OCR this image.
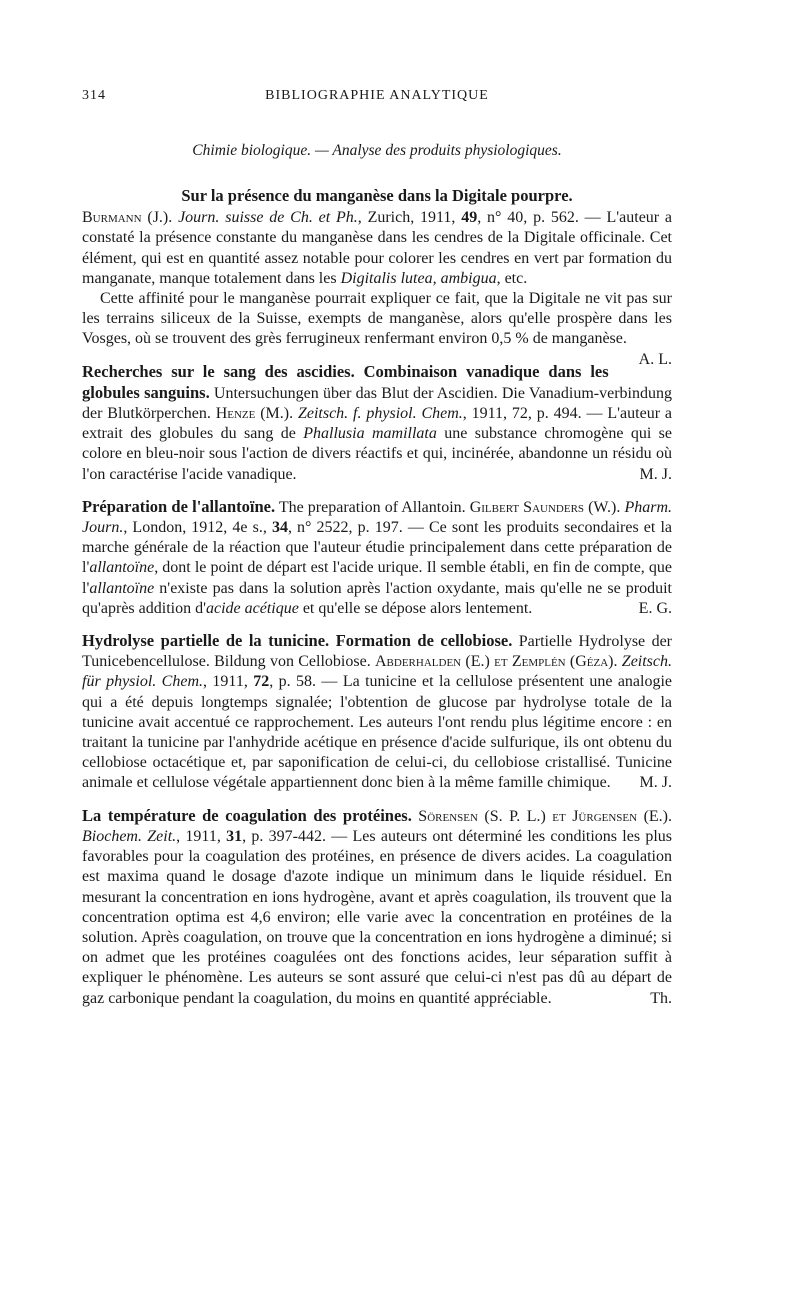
314	BIBLIOGRAPHIE ANALYTIQUE
Chimie biologique. — Analyse des produits physiologiques.

Sur la présence du manganèse dans la Digitale pourpre.
Burmann (J.). Journ. suisse de Ch. et Ph., Zurich, 1911, 49, n° 40, p. 562. — L'auteur a constaté la présence constante du manganèse dans les cendres de la Digitale officinale. Cet élément, qui est en quantité assez notable pour colorer les cendres en vert par formation du manganate, manque totalement dans les Digitalis lutea, ambigua, etc.

Cette affinité pour le manganèse pourrait expliquer ce fait, que la Digitale ne vit pas sur les terrains siliceux de la Suisse, exempts de manganèse, alors qu'elle prospère dans les Vosges, où se trouvent des grès ferrugineux renfermant environ 0,5 % de manganèse.
A. L.

Recherches sur le sang des ascidies. Combinaison vanadique dans les globules sanguins. Untersuchungen über das Blut der Ascidien. Die Vanadium-verbindung der Blutkörperchen. Henze (M.). Zeitsch. f. physiol. Chem., 1911, 72, p. 494. — L'auteur a extrait des globules du sang de Phallusia mamillata une substance chromogène qui se colore en bleu-noir sous l'action de divers réactifs et qui, incinérée, abandonne un résidu où l'on caractérise l'acide vanadique.	M. J.

Préparation de l'allantoïne. The preparation of Allantoin. Gilbert Saunders (W.). Pharm. Journ., London, 1912, 4e s., 34, n° 2522, p. 197. — Ce sont les produits secondaires et la marche générale de la réaction que l'auteur étudie principalement dans cette préparation de l'allantoïne, dont le point de départ est l'acide urique. Il semble établi, en fin de compte, que l'allantoïne n'existe pas dans la solution après l'action oxydante, mais qu'elle ne se produit qu'après addition d'acide acétique et qu'elle se dépose alors lentement.	E. G.

Hydrolyse partielle de la tunicine. Formation de cellobiose. Partielle Hydrolyse der Tunicebencellulose. Bildung von Cellobiose. Abderhalden (E.) et Zemplén (Géza). Zeitsch. für physiol. Chem., 1911, 72, p. 58. — La tunicine et la cellulose présentent une analogie qui a été depuis longtemps signalée; l'obtention de glucose par hydrolyse totale de la tunicine avait accentué ce rapprochement. Les auteurs l'ont rendu plus légitime encore : en traitant la tunicine par l'anhydride acétique en présence d'acide sulfurique, ils ont obtenu du cellobiose octacétique et, par saponification de celui-ci, du cellobiose cristallisé. Tunicine animale et cellulose végétale appartiennent donc bien à la même famille chimique.	M. J.

La température de coagulation des protéines. Sörensen (S. P. L.) et Jürgensen (E.). Biochem. Zeit., 1911, 31, p. 397-442. — Les auteurs ont déterminé les conditions les plus favorables pour la coagulation des protéines, en présence de divers acides. La coagulation est maxima quand le dosage d'azote indique un minimum dans le liquide résiduel. En mesurant la concentration en ions hydrogène, avant et après coagulation, ils trouvent que la concentration optima est 4,6 environ; elle varie avec la concentration en protéines de la solution. Après coagulation, on trouve que la concentration en ions hydrogène a diminué; si on admet que les protéines coagulées ont des fonctions acides, leur séparation suffit à expliquer le phénomène. Les auteurs se sont assuré que celui-ci n'est pas dû au départ de gaz carbonique pendant la coagulation, du moins en quantité appréciable.	Th.
